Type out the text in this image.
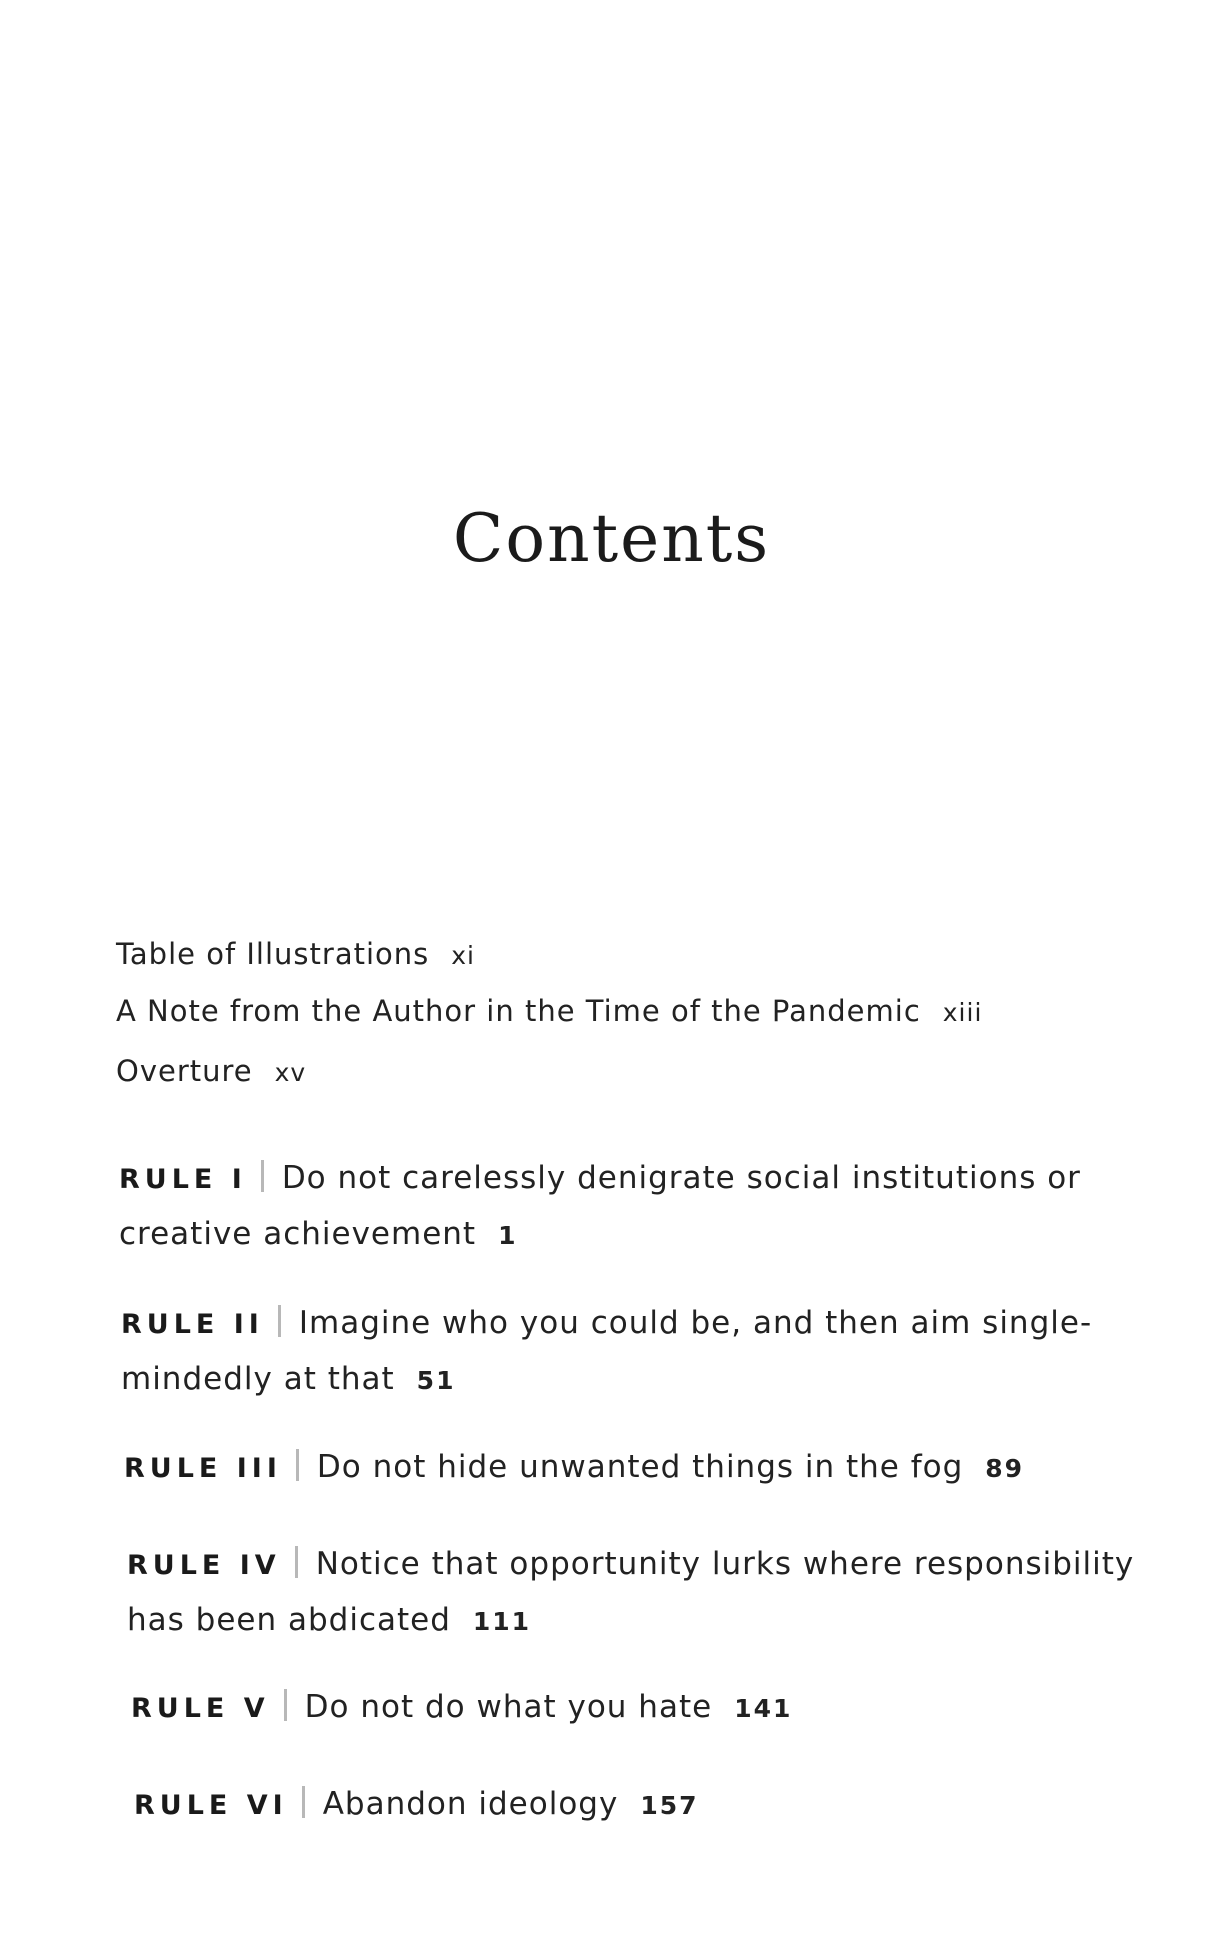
Contents
Table of Illustrations xi
A Note from the Author in the Time of the Pandemic xiii
Overture xv
RULE I Do not carelessly denigrate social institutions or
creative achievement 1
RULE II Imagine who you could be, and then aim single-
mindedly at that 51
RULE III Do not hide unwanted things in the fog 89
RULE IV Notice that opportunity lurks where responsibility
has been abdicated 111
RULE V Do not do what you hate 141
RULE VI Abandon ideology 157
